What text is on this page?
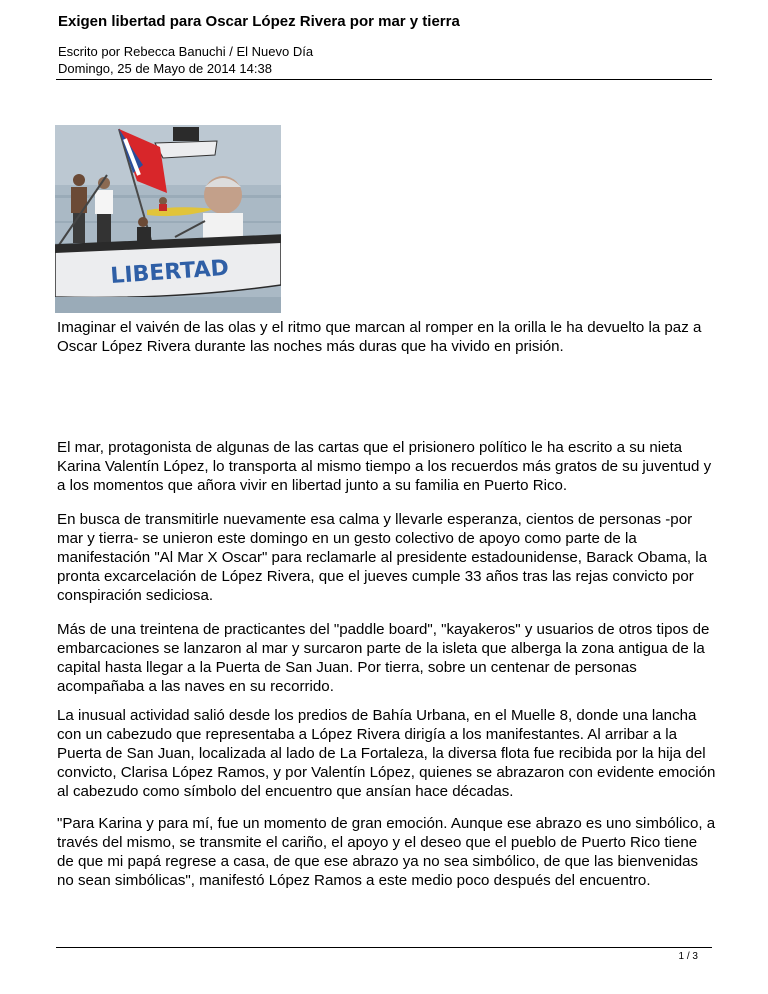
Exigen libertad para Oscar López Rivera por mar y tierra
Escrito por Rebecca Banuchi / El Nuevo Día
Domingo, 25 de Mayo de 2014 14:38
LIBERTAD

Imaginar el vaivén de las olas y el ritmo que marcan al romper en la orilla le ha devuelto la paz a Oscar López Rivera durante las noches más duras que ha vivido en prisión.

El mar, protagonista de algunas de las cartas que el prisionero político le ha escrito a su nieta Karina Valentín López, lo transporta al mismo tiempo a los recuerdos más gratos de su juventud y a los momentos que añora vivir en libertad junto a su familia en Puerto Rico.

En busca de transmitirle nuevamente esa calma y llevarle esperanza, cientos de personas -por mar y tierra- se unieron este domingo en un gesto colectivo de apoyo como parte de la manifestación "Al Mar X Oscar" para reclamarle al presidente estadounidense, Barack Obama, la pronta excarcelación de López Rivera, que el jueves cumple 33 años tras las rejas convicto por conspiración sediciosa.

Más de una treintena de practicantes del "paddle board", "kayakeros" y usuarios de otros tipos de embarcaciones se lanzaron al mar y surcaron parte de la isleta que alberga la zona antigua de la capital hasta llegar a la Puerta de San Juan. Por tierra, sobre un centenar de personas acompañaba a las naves en su recorrido.

La inusual actividad salió desde los predios de Bahía Urbana, en el Muelle 8, donde una lancha con un cabezudo que representaba a López Rivera dirigía a los manifestantes. Al arribar a la Puerta de San Juan, localizada al lado de La Fortaleza, la diversa flota fue recibida por la hija del convicto, Clarisa López Ramos, y por Valentín López, quienes se abrazaron con evidente emoción al cabezudo como símbolo del encuentro que ansían hace décadas.

"Para Karina y para mí, fue un momento de gran emoción. Aunque ese abrazo es uno simbólico, a través del mismo, se transmite el cariño, el apoyo y el deseo que el pueblo de Puerto Rico tiene de que mi papá regrese a casa, de que ese abrazo ya no sea simbólico, de que las bienvenidas no sean simbólicas", manifestó López Ramos a este medio poco después del encuentro.

1 / 3
